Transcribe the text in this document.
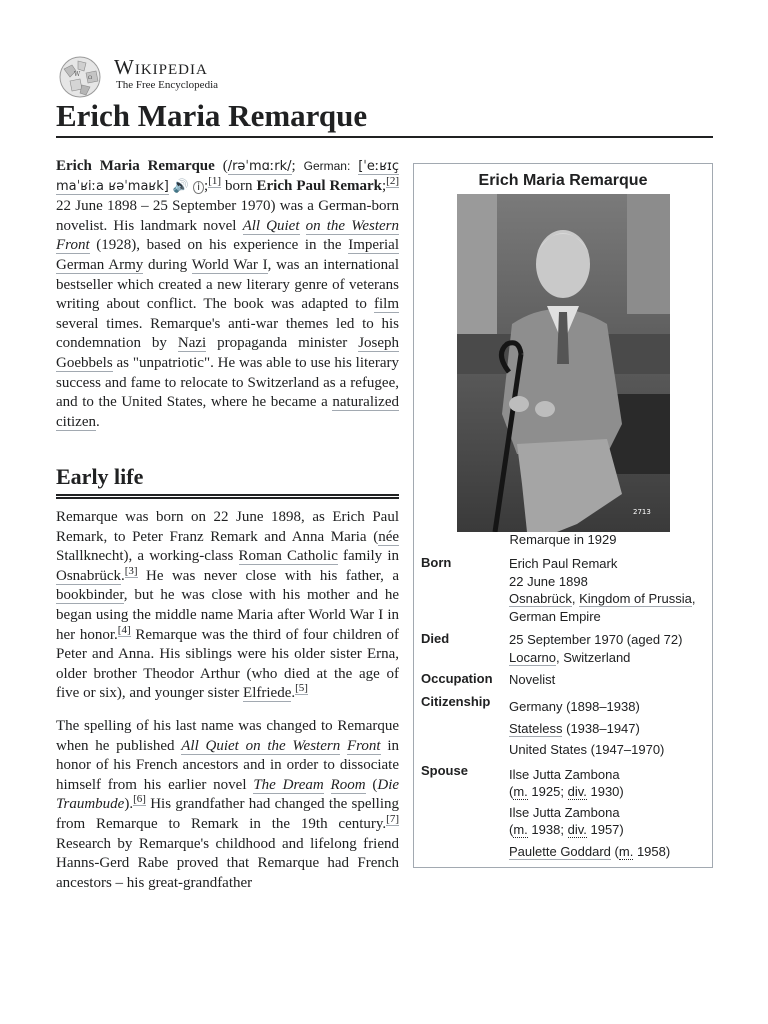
W Ω Wikipedia
The Free Encyclopedia
Erich Maria Remarque

Erich Maria Remarque (/rəˈmɑːrk/; German: [ˈeːʁɪç maˈʁiːa ʁəˈmaʁk] 🔊 i ;[1] born Erich Paul Remark;[2] 22 June 1898 – 25 September 1970) was a German-born novelist. His landmark novel All Quiet on the Western Front (1928), based on his experience in the Imperial German Army during World War I, was an international bestseller which created a new literary genre of veterans writing about conflict. The book was adapted to film several times. Remarque's anti-war themes led to his condemnation by Nazi propaganda minister Joseph Goebbels as "unpatriotic". He was able to use his literary success and fame to relocate to Switzerland as a refugee, and to the United States, where he became a naturalized citizen.

Early life

Remarque was born on 22 June 1898, as Erich Paul Remark, to Peter Franz Remark and Anna Maria (née Stallknecht), a working-class Roman Catholic family in Osnabrück.[3] He was never close with his father, a bookbinder, but he was close with his mother and he began using the middle name Maria after World War I in her honor.[4] Remarque was the third of four children of Peter and Anna. His siblings were his older sister Erna, older brother Theodor Arthur (who died at the age of five or six), and younger sister Elfriede.[5]

The spelling of his last name was changed to Remarque when he published All Quiet on the Western Front in honor of his French ancestors and in order to dissociate himself from his earlier novel The Dream Room (Die Traumbude).[6] His grandfather had changed the spelling from Remarque to Remark in the 19th century.[7] Research by Remarque's childhood and lifelong friend Hanns-Gerd Rabe proved that Remarque had French ancestors – his great-grandfather

Erich Maria Remarque
2713
Remarque in 1929
Born	Erich Paul Remark
22 June 1898
Osnabrück, Kingdom of Prussia,
German Empire
Died	25 September 1970 (aged 72)
Locarno, Switzerland
Occupation Novelist
Citizenship Germany (1898–1938)
Stateless (1938–1947)
United States (1947–1970)
Spouse	Ilse Jutta Zambona
(m. 1925; div. 1930)
Ilse Jutta Zambona
(m. 1938; div. 1957)
Paulette Goddard (m. 1958)
